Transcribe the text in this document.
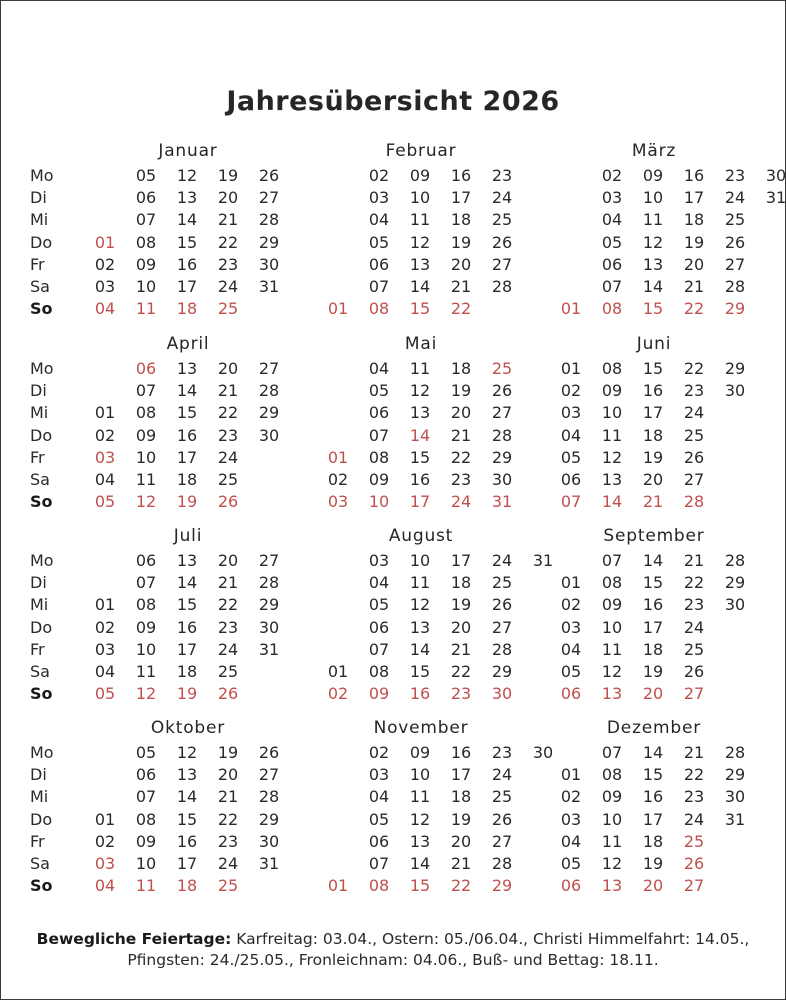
Jahresübersicht 2026
Januar
Mo
Di
Mi
Do
Fr
Sa
So
01
02
03
04
05
06
07
08
09
10
11
12
13
14
15
16
17
18
19
20
21
22
23
24
25
26
27
28
29
30
31
Februar
01
02
03
04
05
06
07
08
09
10
11
12
13
14
15
16
17
18
19
20
21
22
23
24
25
26
27
28
März
01
02
03
04
05
06
07
08
09
10
11
12
13
14
15
16
17
18
19
20
21
22
23
24
25
26
27
28
29
30
31
April
Mo
Di
Mi
Do
Fr
Sa
So
01
02
03
04
05
06
07
08
09
10
11
12
13
14
15
16
17
18
19
20
21
22
23
24
25
26
27
28
29
30
Mai
01
02
03
04
05
06
07
08
09
10
11
12
13
14
15
16
17
18
19
20
21
22
23
24
25
26
27
28
29
30
31
Juni
01
02
03
04
05
06
07
08
09
10
11
12
13
14
15
16
17
18
19
20
21
22
23
24
25
26
27
28
29
30
Juli
Mo
Di
Mi
Do
Fr
Sa
So
01
02
03
04
05
06
07
08
09
10
11
12
13
14
15
16
17
18
19
20
21
22
23
24
25
26
27
28
29
30
31
August
01
02
03
04
05
06
07
08
09
10
11
12
13
14
15
16
17
18
19
20
21
22
23
24
25
26
27
28
29
30
31
September
01
02
03
04
05
06
07
08
09
10
11
12
13
14
15
16
17
18
19
20
21
22
23
24
25
26
27
28
29
30
Oktober
Mo
Di
Mi
Do
Fr
Sa
So
01
02
03
04
05
06
07
08
09
10
11
12
13
14
15
16
17
18
19
20
21
22
23
24
25
26
27
28
29
30
31
November
01
02
03
04
05
06
07
08
09
10
11
12
13
14
15
16
17
18
19
20
21
22
23
24
25
26
27
28
29
30
Dezember
01
02
03
04
05
06
07
08
09
10
11
12
13
14
15
16
17
18
19
20
21
22
23
24
25
26
27
28
29
30
31
Bewegliche Feiertage: Karfreitag: 03.04., Ostern: 05./06.04., Christi Himmelfahrt: 14.05.,
Pfingsten: 24./25.05., Fronleichnam: 04.06., Buß- und Bettag: 18.11.
